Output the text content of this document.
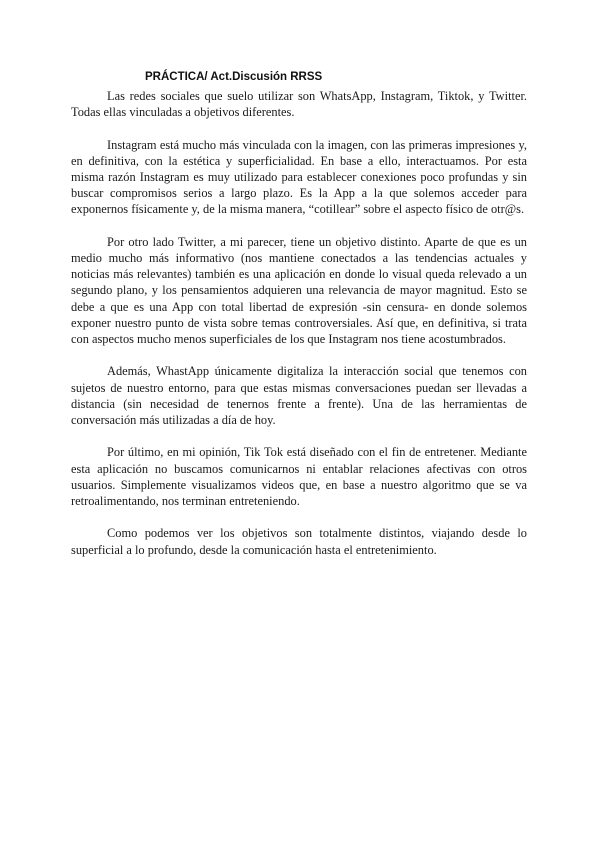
PRÁCTICA/ Act.Discusión RRSS

Las redes sociales que suelo utilizar son WhatsApp, Instagram, Tiktok, y Twitter. Todas ellas vinculadas a objetivos diferentes.

Instagram está mucho más vinculada con la imagen, con las primeras impresiones y, en definitiva, con la estética y superficialidad. En base a ello, interactuamos. Por esta misma razón Instagram es muy utilizado para establecer conexiones poco profundas y sin buscar compromisos serios a largo plazo. Es la App a la que solemos acceder para exponernos físicamente y, de la misma manera, “cotillear” sobre el aspecto físico de otr@s.

Por otro lado Twitter, a mi parecer, tiene un objetivo distinto. Aparte de que es un medio mucho más informativo (nos mantiene conectados a las tendencias actuales y noticias más relevantes) también es una aplicación en donde lo visual queda relevado a un segundo plano, y los pensamientos adquieren una relevancia de mayor magnitud. Esto se debe a que es una App con total libertad de expresión -sin censura- en donde solemos exponer nuestro punto de vista sobre temas controversiales. Así que, en definitiva, si trata con aspectos mucho menos superficiales de los que Instagram nos tiene acostumbrados.

Además, WhastApp únicamente digitaliza la interacción social que tenemos con sujetos de nuestro entorno, para que estas mismas conversaciones puedan ser llevadas a distancia (sin necesidad de tenernos frente a frente). Una de las herramientas de conversación más utilizadas a día de hoy.

Por último, en mi opinión, Tik Tok está diseñado con el fin de entretener. Mediante esta aplicación no buscamos comunicarnos ni entablar relaciones afectivas con otros usuarios. Simplemente visualizamos videos que, en base a nuestro algoritmo que se va retroalimentando, nos terminan entreteniendo.

Como podemos ver los objetivos son totalmente distintos, viajando desde lo superficial a lo profundo, desde la comunicación hasta el entretenimiento.
